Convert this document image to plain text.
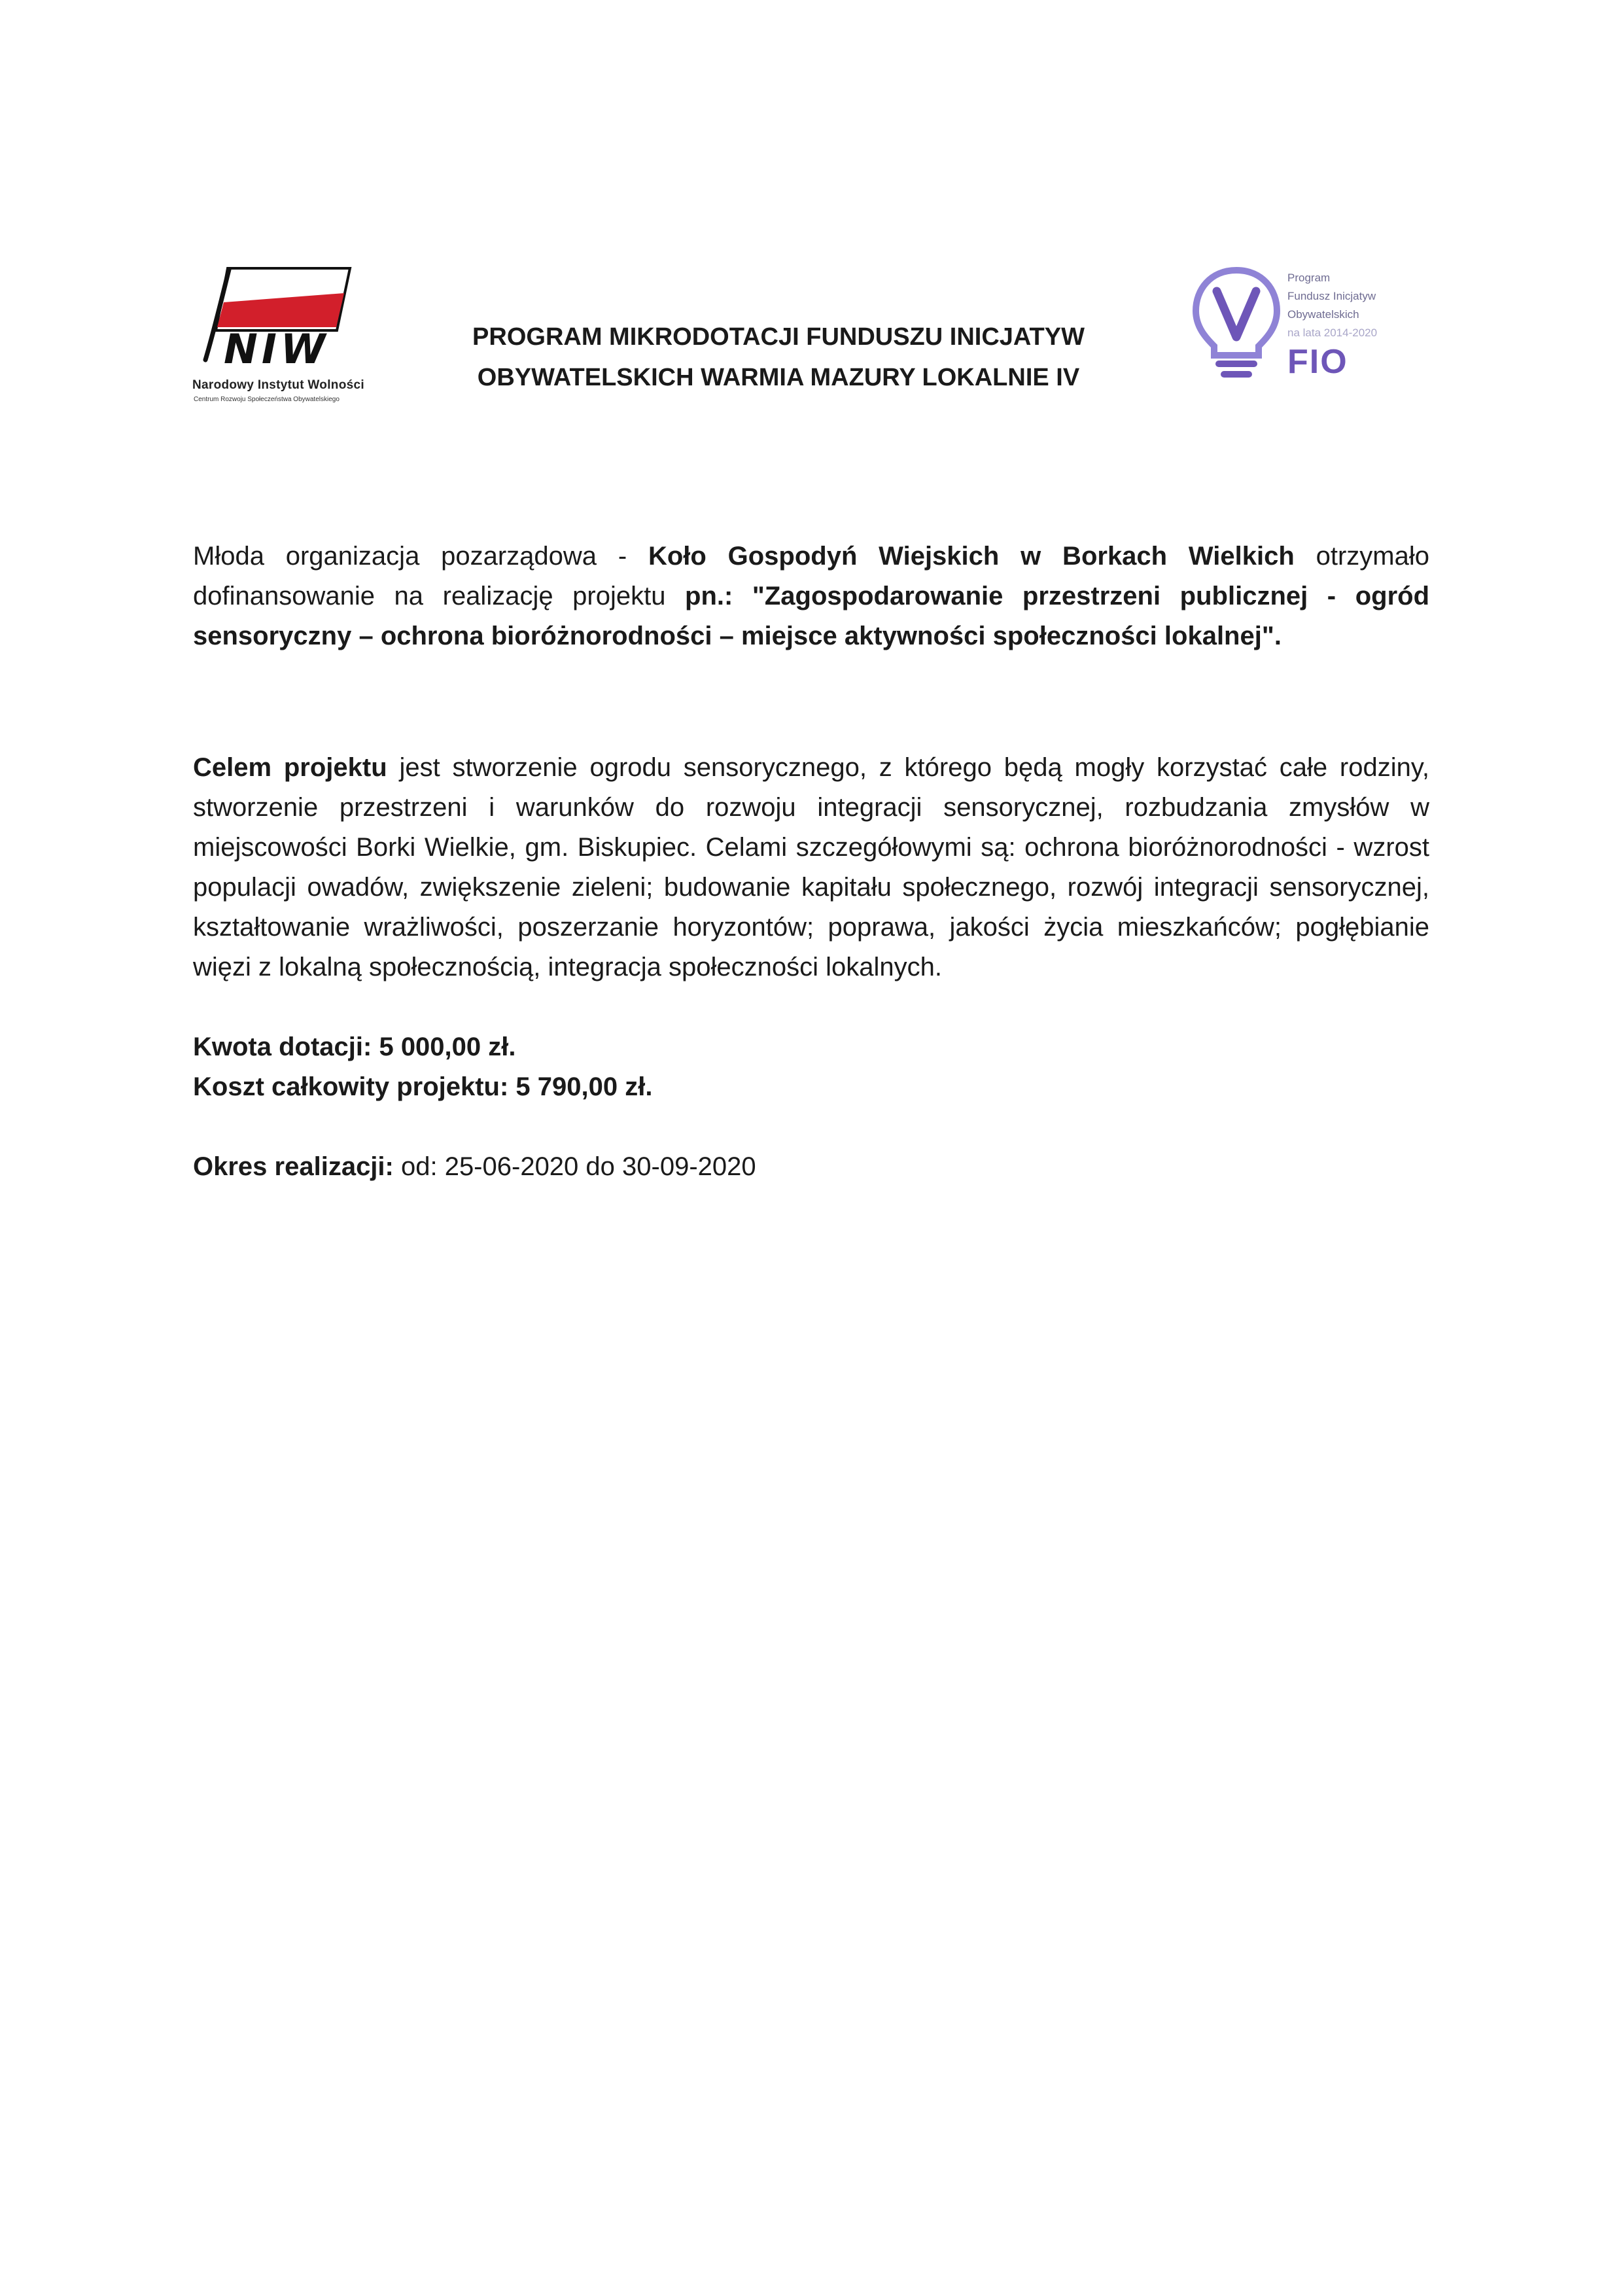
NIW
Narodowy Instytut Wolności
Centrum Rozwoju Społeczeństwa Obywatelskiego
PROGRAM MIKRODOTACJI FUNDUSZU INICJATYW
OBYWATELSKICH WARMIA MAZURY LOKALNIE IV
Program
Fundusz Inicjatyw
Obywatelskich
na lata 2014-2020
FIO

Młoda organizacja pozarządowa - Koło Gospodyń Wiejskich w Borkach Wielkich otrzymało dofinansowanie na realizację projektu pn.: "Zagospodarowanie przestrzeni publicznej - ogród sensoryczny – ochrona bioróżnorodności – miejsce aktywności społeczności lokalnej".

Celem projektu jest stworzenie ogrodu sensorycznego, z którego będą mogły korzystać całe rodziny, stworzenie przestrzeni i warunków do rozwoju integracji sensorycznej, rozbudzania zmysłów w miejscowości Borki Wielkie, gm. Biskupiec. Celami szczegółowymi są: ochrona bioróżnorodności - wzrost populacji owadów, zwiększenie zieleni; budowanie kapitału społecznego, rozwój integracji sensorycznej, kształtowanie wrażliwości, poszerzanie horyzontów; poprawa, jakości życia mieszkańców; pogłębianie więzi z lokalną społecznością, integracja społeczności lokalnych.

Kwota dotacji: 5 000,00 zł.
Koszt całkowity projektu: 5 790,00 zł.

Okres realizacji: od: 25-06-2020 do 30-09-2020
